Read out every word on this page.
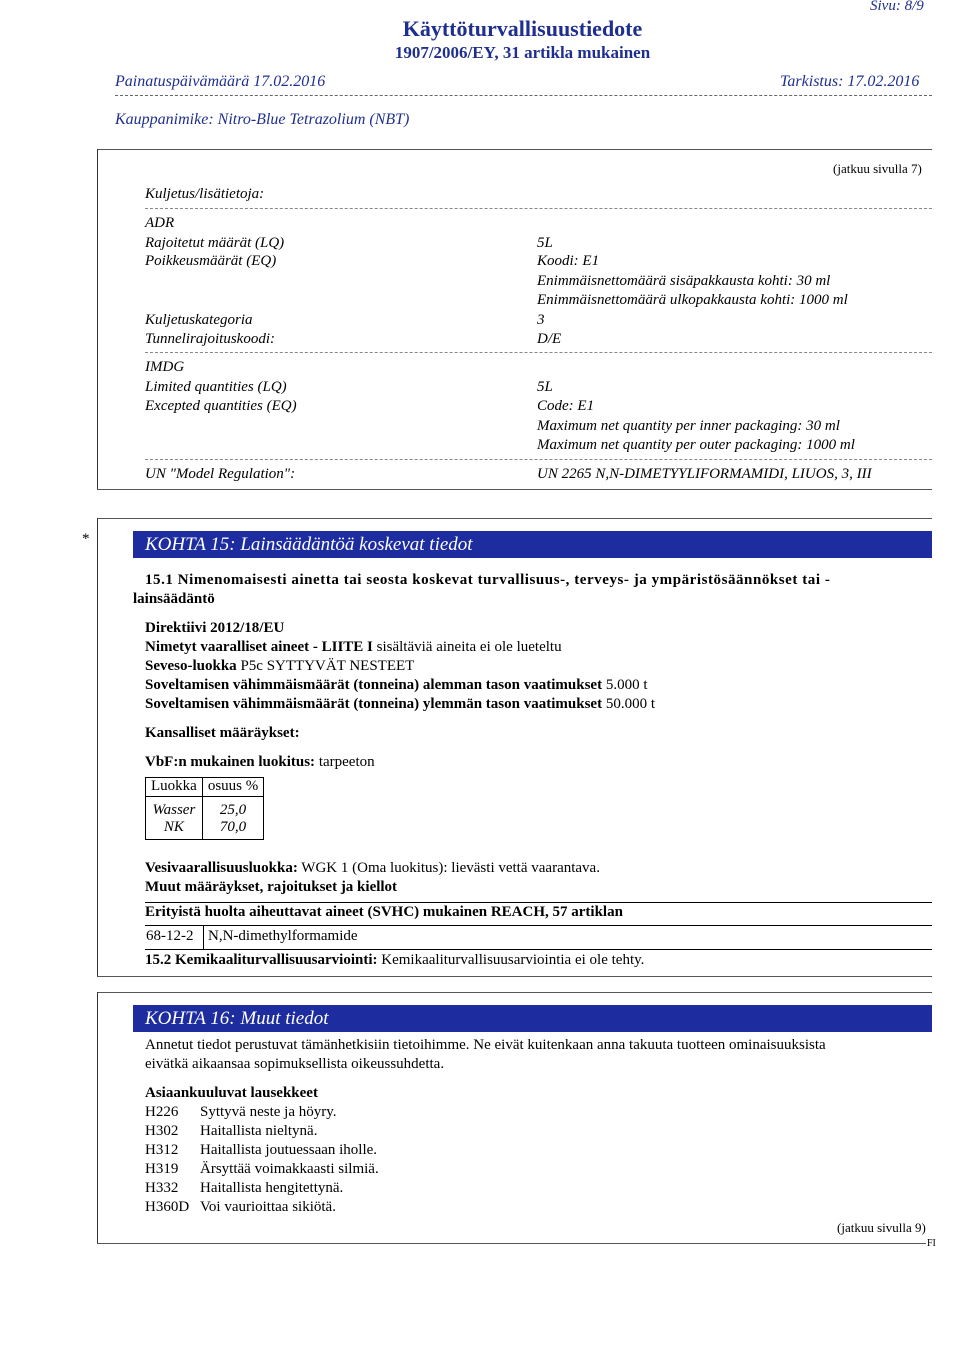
Sivu: 8/9
Käyttöturvallisuustiedote
1907/2006/EY, 31 artikla mukainen
Painatuspäivämäärä 17.02.2016	Tarkistus: 17.02.2016
Kauppanimike: Nitro-Blue Tetrazolium (NBT)
(jatkuu sivulla 7)
Kuljetus/lisätietoja:
ADR
Rajoitetut määrät (LQ)	5L
Poikkeusmäärät (EQ)	Koodi: E1
Enimmäisnettomäärä sisäpakkausta kohti: 30 ml
Enimmäisnettomäärä ulkopakkausta kohti: 1000 ml
Kuljetuskategoria	3
Tunnelirajoituskoodi:	D/E
IMDG
Limited quantities (LQ)	5L
Excepted quantities (EQ)	Code: E1
Maximum net quantity per inner packaging: 30 ml
Maximum net quantity per outer packaging: 1000 ml
UN "Model Regulation":	UN 2265 N,N-DIMETYYLIFORMAMIDI, LIUOS, 3, III
*	KOHTA 15: Lainsäädäntöä koskevat tiedot
15.1 Nimenomaisesti ainetta tai seosta koskevat turvallisuus-, terveys- ja ympäristösäännökset tai -
lainsäädäntö
Direktiivi 2012/18/EU
Nimetyt vaaralliset aineet - LIITE I sisältäviä aineita ei ole lueteltu
Seveso-luokka P5c SYTTYVÄT NESTEET
Soveltamisen vähimmäismäärät (tonneina) alemman tason vaatimukset 5.000 t
Soveltamisen vähimmäismäärät (tonneina) ylemmän tason vaatimukset 50.000 t
Kansalliset määräykset:
VbF:n mukainen luokitus: tarpeeton
Luokka	osuus %

Wasser	25,0
NK	70,0
Vesivaarallisuusluokka: WGK 1 (Oma luokitus): lievästi vettä vaarantava.
Muut määräykset, rajoitukset ja kiellot
Erityistä huolta aiheuttavat aineet (SVHC) mukainen REACH, 57 artiklan
68-12-2 N,N-dimethylformamide
15.2 Kemikaaliturvallisuusarviointi: Kemikaaliturvallisuusarviointia ei ole tehty.
KOHTA 16: Muut tiedot
Annetut tiedot perustuvat tämänhetkisiin tietoihimme. Ne eivät kuitenkaan anna takuuta tuotteen ominaisuuksista
eivätkä aikaansaa sopimuksellista oikeussuhdetta.
Asiaankuuluvat lausekkeet
H226 Syttyvä neste ja höyry.
H302 Haitallista nieltynä.
H312 Haitallista joutuessaan iholle.
H319 Ärsyttää voimakkaasti silmiä.
H332 Haitallista hengitettynä.
H360D Voi vaurioittaa sikiötä.
(jatkuu sivulla 9)
FI
